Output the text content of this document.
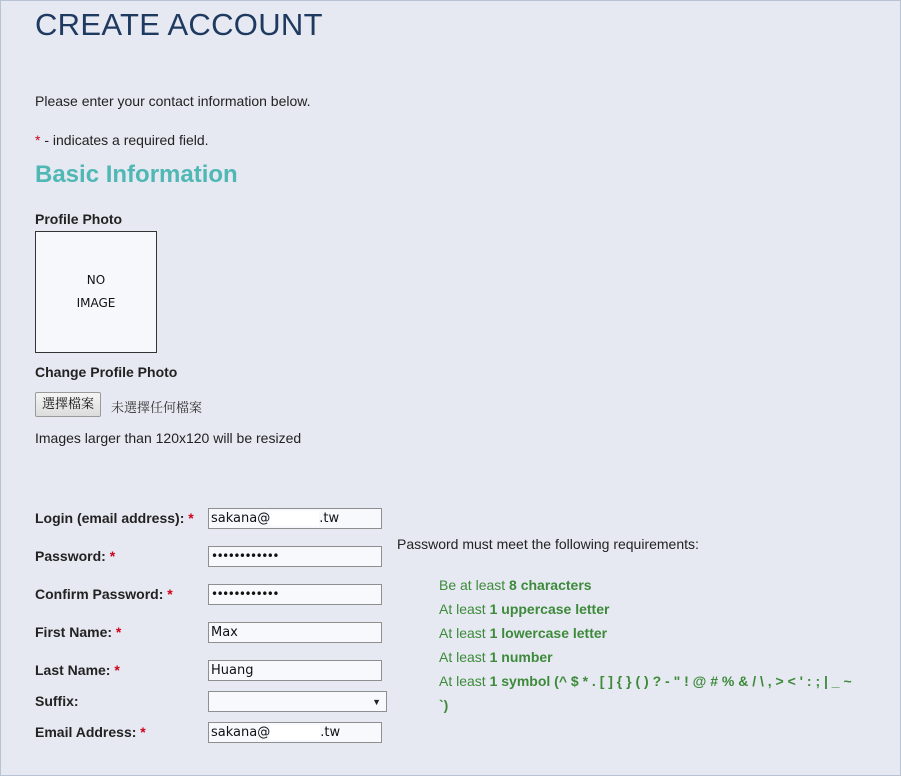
CREATE ACCOUNT
Please enter your contact information below.
* - indicates a required field.
Basic Information
Profile Photo
NO
IMAGE
Change Profile Photo
選擇檔案	未選擇任何檔案
Images larger than 120x120 will be resized
Login (email address): * sakana@	.tw
Password: *	••••••••••••
Confirm Password: *	••••••••••••
First Name: *	Max
Last Name: *	Huang
Suffix:	▼
Email Address: *	sakana@	.tw
Password must meet the following requirements:
Be at least 8 characters
At least 1 uppercase letter
At least 1 lowercase letter
At least 1 number
At least 1 symbol (^ $ * . [ ] { } ( ) ? - " ! @ # % & / \ , > < ' : ; | _ ~
`)
